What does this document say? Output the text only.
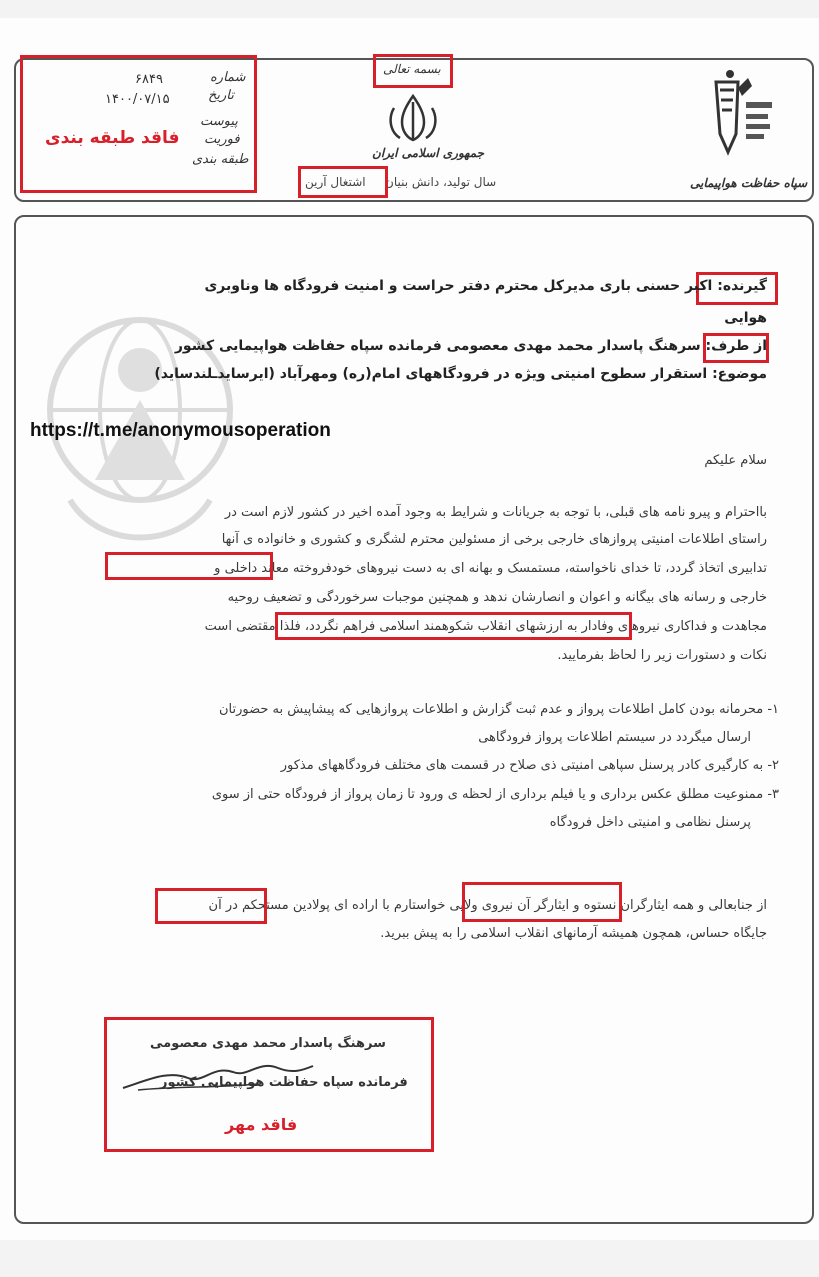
شماره
۶۸۴۹
تاریخ
۱۴۰۰/۰۷/۱۵
پیوست
فوریت
طبقه بندی
فاقد طبقه بندی
بسمه تعالی
جمهوری اسلامی ایران
سال تولید، دانش بنیان
اشتغال آرین	سپاه حفاظت هواپیمایی
گیرنده: اکبر حسنی باری مدیرکل محترم دفتر حراست و امنیت فرودگاه ها وناوبری
هوایی
از طرف: سرهنگ پاسدار محمد مهدی معصومی فرمانده سپاه حفاظت هواپیمایی کشور
موضوع: استقرار سطوح امنیتی ویژه در فرودگاههای امام(ره) ومهرآباد (ایرسایدـلندساید)
https://t.me/anonymousoperation
سلام علیکم
بااحترام و پیرو نامه های قبلی، با توجه به جریانات و شرایط به وجود آمده اخیر در کشور لازم است در
راستای اطلاعات امنیتی پروازهای خارجی برخی از مسئولین محترم لشگری و کشوری و خانواده ی آنها
تدابیری اتخاذ گردد، تا خدای ناخواسته، مستمسک و بهانه ای به دست نیروهای خودفروخته معاند داخلی و
خارجی و رسانه های بیگانه و اعوان و انصارشان ندهد و همچنین موجبات سرخوردگی و تضعیف روحیه
مجاهدت و فداکاری نیروهای وفادار به ارزشهای انقلاب شکوهمند اسلامی فراهم نگردد، فلذا مقتضی است
نکات و دستورات زیر را لحاظ بفرمایید.
۱- محرمانه بودن کامل اطلاعات پرواز و عدم ثبت گزارش و اطلاعات پروازهایی که پیشاپیش به حضورتان
ارسال میگردد در سیستم اطلاعات پرواز فرودگاهی
۲- به کارگیری کادر پرسنل سپاهی امنیتی ذی صلاح در قسمت های مختلف فرودگاههای مذکور
۳- ممنوعیت مطلق عکس برداری و یا فیلم برداری از لحظه ی ورود تا زمان پرواز از فرودگاه حتی از سوی
پرسنل نظامی و امنیتی داخل فرودگاه
از جنابعالی و همه ایثارگران نستوه و ایثارگر آن نیروی ولایی خواستارم با اراده ای پولادین مستحکم در آن
جایگاه حساس، همچون همیشه آرمانهای انقلاب اسلامی را به پیش ببرید.
سرهنگ پاسدار محمد مهدی معصومی
فرمانده سپاه حفاظت هواپیمایی کشور
فاقد مهر
